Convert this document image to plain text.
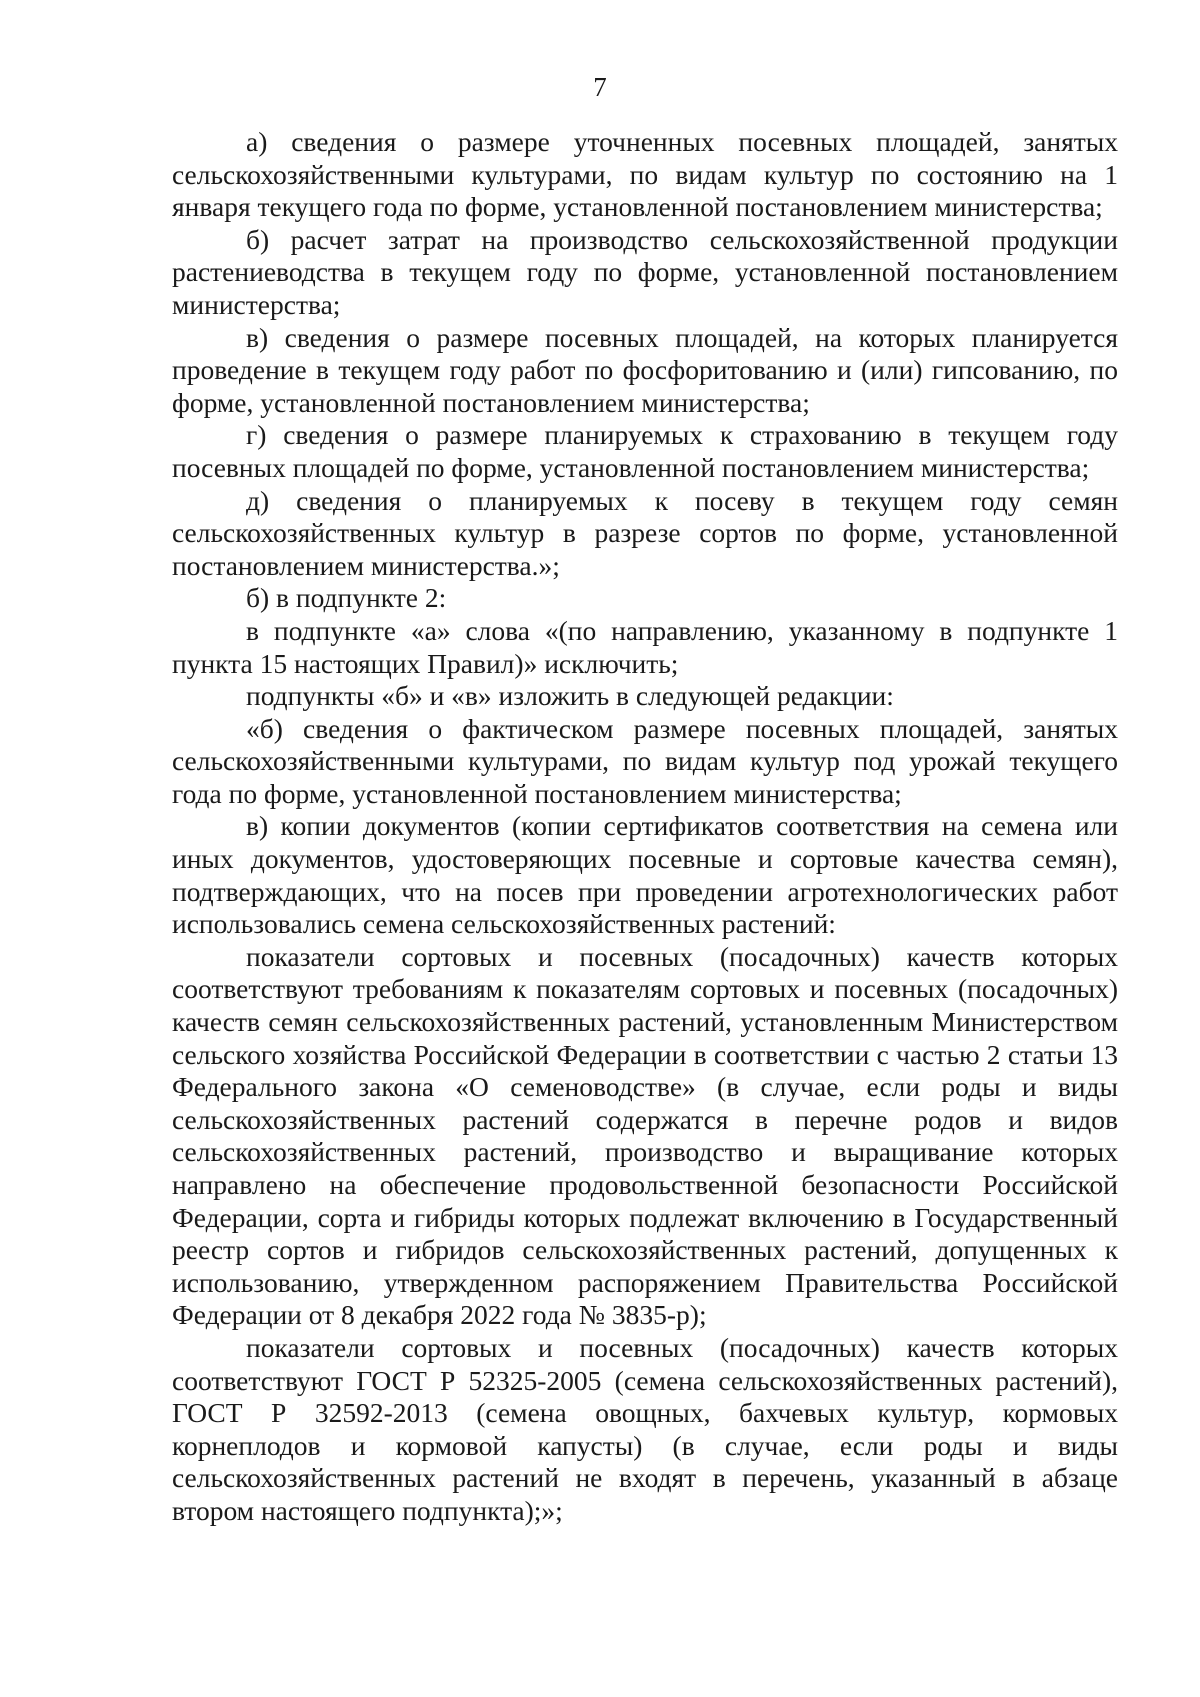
7

а) сведения о размере уточненных посевных площадей, занятых сельскохозяйственными культурами, по видам культур по состоянию на 1 января текущего года по форме, установленной постановлением министерства;

б) расчет затрат на производство сельскохозяйственной продукции растениеводства в текущем году по форме, установленной постановлением министерства;

в) сведения о размере посевных площадей, на которых планируется проведение в текущем году работ по фосфоритованию и (или) гипсованию, по форме, установленной постановлением министерства;

г) сведения о размере планируемых к страхованию в текущем году посевных площадей по форме, установленной постановлением министерства;

д) сведения о планируемых к посеву в текущем году семян сельскохозяйственных культур в разрезе сортов по форме, установленной постановлением министерства.»;

б) в подпункте 2:

в подпункте «а» слова «(по направлению, указанному в подпункте 1 пункта 15 настоящих Правил)» исключить;

подпункты «б» и «в» изложить в следующей редакции:

«б) сведения о фактическом размере посевных площадей, занятых сельскохозяйственными культурами, по видам культур под урожай текущего года по форме, установленной постановлением министерства;

в) копии документов (копии сертификатов соответствия на семена или иных документов, удостоверяющих посевные и сортовые качества семян), подтверждающих, что на посев при проведении агротехнологических работ использовались семена сельскохозяйственных растений:

показатели сортовых и посевных (посадочных) качеств которых соответствуют требованиям к показателям сортовых и посевных (посадочных) качеств семян сельскохозяйственных растений, установленным Министерством сельского хозяйства Российской Федерации в соответствии с частью 2 статьи 13 Федерального закона «О семеноводстве» (в случае, если роды и виды сельскохозяйственных растений содержатся в перечне родов и видов сельскохозяйственных растений, производство и выращивание которых направлено на обеспечение продовольственной безопасности Российской Федерации, сорта и гибриды которых подлежат включению в Государственный реестр сортов и гибридов сельскохозяйственных растений, допущенных к использованию, утвержденном распоряжением Правительства Российской Федерации от 8 декабря 2022 года № 3835-р);

показатели сортовых и посевных (посадочных) качеств которых соответствуют ГОСТ Р 52325-2005 (семена сельскохозяйственных растений), ГОСТ Р 32592-2013 (семена овощных, бахчевых культур, кормовых корнеплодов и кормовой капусты) (в случае, если роды и виды сельскохозяйственных растений не входят в перечень, указанный в абзаце втором настоящего подпункта);»;
